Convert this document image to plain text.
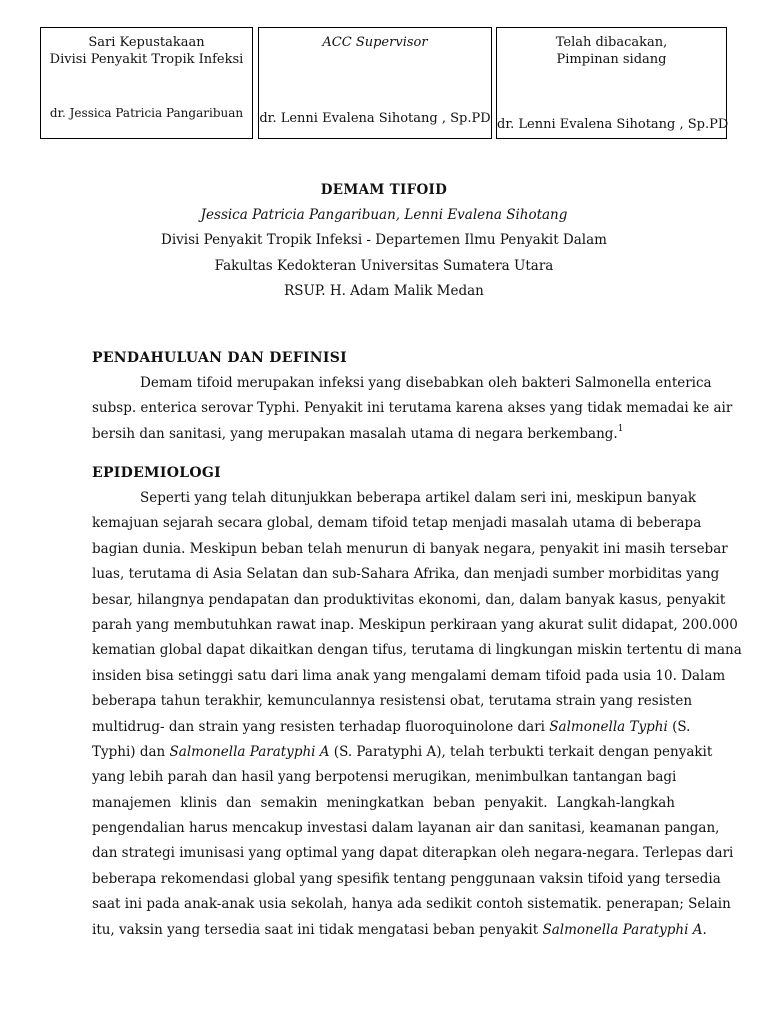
Sari Kepustakaan
Divisi Penyakit Tropik Infeksi
dr. Jessica Patricia Pangaribuan
ACC Supervisor
dr. Lenni Evalena Sihotang , Sp.PD
Telah dibacakan,
Pimpinan sidang
dr. Lenni Evalena Sihotang , Sp.PD
DEMAM TIFOID
Jessica Patricia Pangaribuan, Lenni Evalena Sihotang
Divisi Penyakit Tropik Infeksi - Departemen Ilmu Penyakit Dalam
Fakultas Kedokteran Universitas Sumatera Utara
RSUP. H. Adam Malik Medan
PENDAHULUAN DAN DEFINISI
Demam tifoid merupakan infeksi yang disebabkan oleh bakteri Salmonella enterica
subsp. enterica serovar Typhi. Penyakit ini terutama karena akses yang tidak memadai ke air
bersih dan sanitasi, yang merupakan masalah utama di negara berkembang.$^1$
EPIDEMIOLOGI
Seperti yang telah ditunjukkan beberapa artikel dalam seri ini, meskipun banyak
kemajuan sejarah secara global, demam tifoid tetap menjadi masalah utama di beberapa
bagian dunia. Meskipun beban telah menurun di banyak negara, penyakit ini masih tersebar
luas, terutama di Asia Selatan dan sub-Sahara Afrika, dan menjadi sumber morbiditas yang
besar, hilangnya pendapatan dan produktivitas ekonomi, dan, dalam banyak kasus, penyakit
parah yang membutuhkan rawat inap. Meskipun perkiraan yang akurat sulit didapat, 200.000
kematian global dapat dikaitkan dengan tifus, terutama di lingkungan miskin tertentu di mana
insiden bisa setinggi satu dari lima anak yang mengalami demam tifoid pada usia 10. Dalam
beberapa tahun terakhir, kemunculannya resistensi obat, terutama strain yang resisten
multidrug- dan strain yang resisten terhadap fluoroquinolone dari Salmonella Typhi (S.
Typhi) dan Salmonella Paratyphi A (S. Paratyphi A), telah terbukti terkait dengan penyakit
yang lebih parah dan hasil yang berpotensi merugikan, menimbulkan tantangan bagi
manajemen klinis dan semakin meningkatkan beban penyakit. Langkah-langkah
pengendalian harus mencakup investasi dalam layanan air dan sanitasi, keamanan pangan,
dan strategi imunisasi yang optimal yang dapat diterapkan oleh negara-negara. Terlepas dari
beberapa rekomendasi global yang spesifik tentang penggunaan vaksin tifoid yang tersedia
saat ini pada anak-anak usia sekolah, hanya ada sedikit contoh sistematik. penerapan; Selain
itu, vaksin yang tersedia saat ini tidak mengatasi beban penyakit Salmonella Paratyphi A.
